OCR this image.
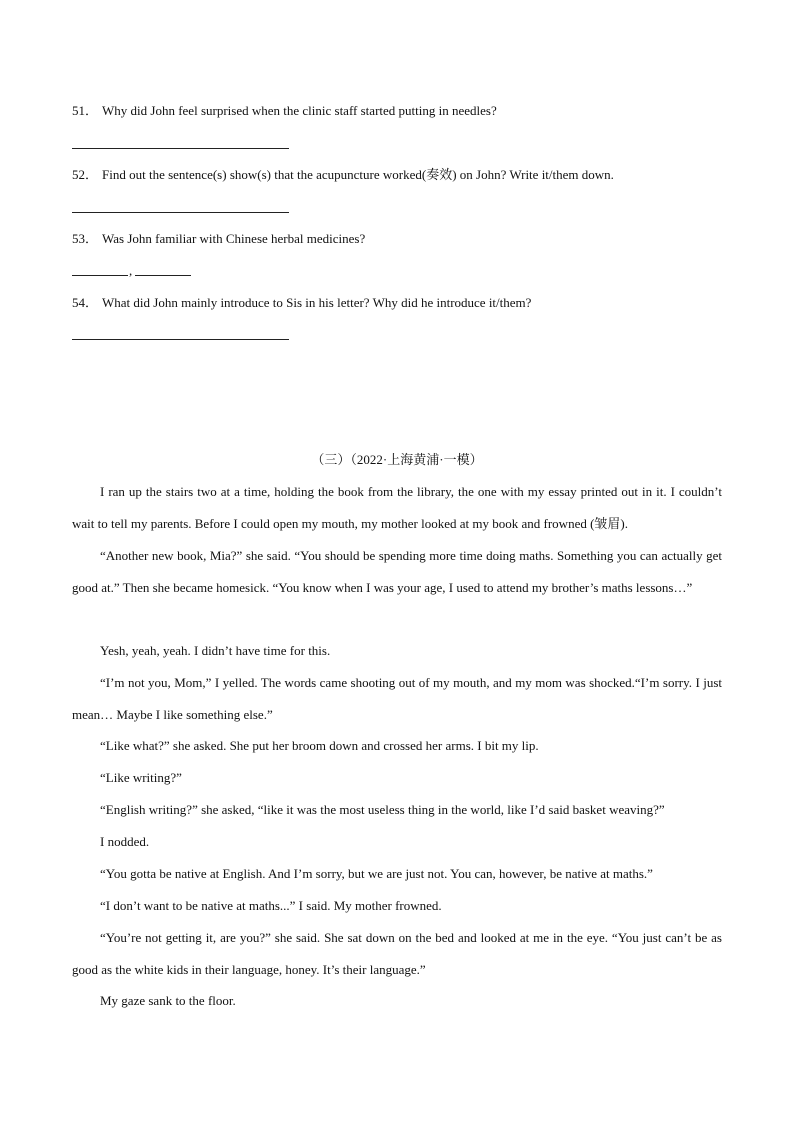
51． Why did John feel surprised when the clinic staff started putting in needles?
52． Find out the sentence(s) show(s) that the acupuncture worked(奏效) on John? Write it/them down.
53． Was John familiar with Chinese herbal medicines?
,
54． What did John mainly introduce to Sis in his letter? Why did he introduce it/them?
（三）（2022·上海黄浦·一模）

I ran up the stairs two at a time, holding the book from the library, the one with my essay printed out in it. I couldn’t wait to tell my parents. Before I could open my mouth, my mother looked at my book and frowned (皱眉).

“Another new book, Mia?” she said. “You should be spending more time doing maths. Something you can actually get good at.” Then she became homesick. “You know when I was your age, I used to attend my brother’s maths lessons…”

Yesh, yeah, yeah. I didn’t have time for this.

“I’m not you, Mom,” I yelled. The words came shooting out of my mouth, and my mom was shocked.“I’m sorry. I just mean… Maybe I like something else.”

“Like what?” she asked. She put her broom down and crossed her arms. I bit my lip.

“Like writing?”

“English writing?” she asked, “like it was the most useless thing in the world, like I’d said basket weaving?”

I nodded.

“You gotta be native at English. And I’m sorry, but we are just not. You can, however, be native at maths.”

“I don’t want to be native at maths...” I said. My mother frowned.

“You’re not getting it, are you?” she said. She sat down on the bed and looked at me in the eye. “You just can’t be as good as the white kids in their language, honey. It’s their language.”

My gaze sank to the floor.
